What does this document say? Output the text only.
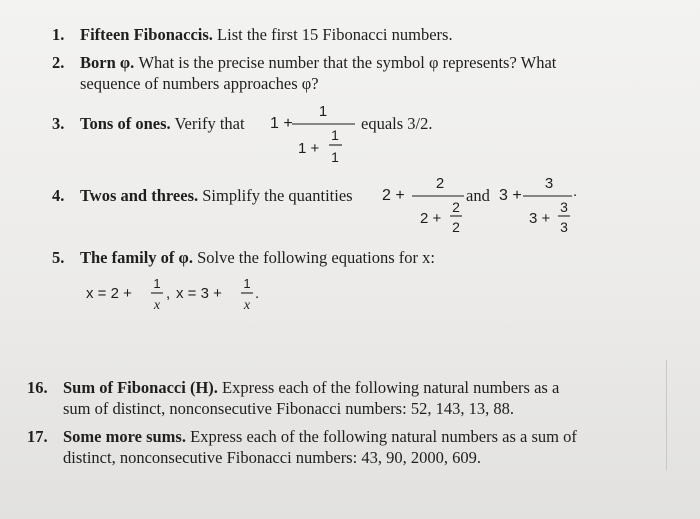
1. Fifteen Fibonaccis. List the first 15 Fibonacci numbers.
2. Born φ. What is the precise number that the symbol φ represents? What
sequence of numbers approaches φ?
3. Tons of ones. Verify that 1 +
1
1 +
1
1
equals 3/2.
4. Twos and threes. Simplify the quantities 2 +
2
2 +
2
2
and 3 +
3
3 +
3
3
.
5. The family of φ. Solve the following equations for x:
x = 2 +
1
x
, x = 3 +
1
x
.
16. Sum of Fibonacci (H). Express each of the following natural numbers as a
sum of distinct, nonconsecutive Fibonacci numbers: 52, 143, 13, 88.
17. Some more sums. Express each of the following natural numbers as a sum of
distinct, nonconsecutive Fibonacci numbers: 43, 90, 2000, 609.
